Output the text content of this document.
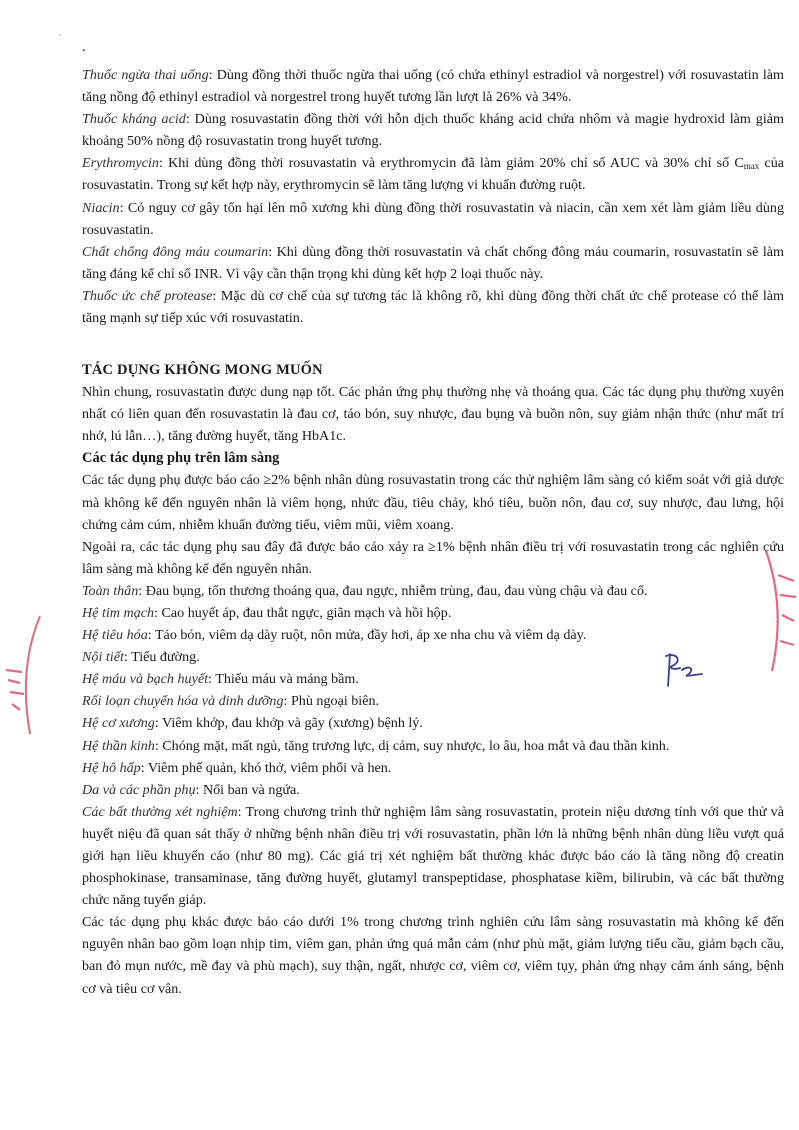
`
•

Thuốc ngừa thai uống: Dùng đồng thời thuốc ngừa thai uống (có chứa ethinyl estradiol và norgestrel) với rosuvastatin làm tăng nồng độ ethinyl estradiol và norgestrel trong huyết tương lần lượt là 26% và 34%.

Thuốc kháng acid: Dùng rosuvastatin đồng thời với hỗn dịch thuốc kháng acid chứa nhôm và magie hydroxid làm giảm khoảng 50% nồng độ rosuvastatin trong huyết tương.

Erythromycin: Khi dùng đồng thời rosuvastatin và erythromycin đã làm giảm 20% chỉ số AUC và 30% chỉ số $C_{max}$ của rosuvastatin. Trong sự kết hợp này, erythromycin sẽ làm tăng lượng vi khuẩn đường ruột.

Niacin: Có nguy cơ gây tổn hại lên mô xương khi dùng đồng thời rosuvastatin và niacin, cần xem xét làm giảm liều dùng rosuvastatin.

Chất chống đông máu coumarin: Khi dùng đồng thời rosuvastatin và chất chống đông máu coumarin, rosuvastatin sẽ làm tăng đáng kể chỉ số INR. Vì vậy cần thận trọng khi dùng kết hợp 2 loại thuốc này.

Thuốc ức chế protease: Mặc dù cơ chế của sự tương tác là không rõ, khi dùng đồng thời chất ức chế protease có thể làm tăng mạnh sự tiếp xúc với rosuvastatin.

TÁC DỤNG KHÔNG MONG MUỐN

Nhìn chung, rosuvastatin được dung nạp tốt. Các phản ứng phụ thường nhẹ và thoáng qua. Các tác dụng phụ thường xuyên nhất có liên quan đến rosuvastatin là đau cơ, táo bón, suy nhược, đau bụng và buồn nôn, suy giảm nhận thức (như mất trí nhớ, lú lẫn…), tăng đường huyết, tăng HbA1c.

Các tác dụng phụ trên lâm sàng

Các tác dụng phụ được báo cáo ≥2% bệnh nhân dùng rosuvastatin trong các thử nghiệm lâm sàng có kiểm soát với giả dược mà không kể đến nguyên nhân là viêm họng, nhức đầu, tiêu chảy, khó tiêu, buồn nôn, đau cơ, suy nhược, đau lưng, hội chứng cảm cúm, nhiễm khuẩn đường tiểu, viêm mũi, viêm xoang.

Ngoài ra, các tác dụng phụ sau đây đã được báo cáo xảy ra ≥1% bệnh nhân điều trị với rosuvastatin trong các nghiên cứu lâm sàng mà không kể đến nguyên nhân.

Toàn thân: Đau bụng, tổn thương thoáng qua, đau ngực, nhiễm trùng, đau, đau vùng chậu và đau cổ.

Hệ tim mạch: Cao huyết áp, đau thắt ngực, giãn mạch và hồi hộp.

Hệ tiêu hóa: Táo bón, viêm dạ dày ruột, nôn mửa, đầy hơi, áp xe nha chu và viêm dạ dày.

Nội tiết: Tiểu đường.

Hệ máu và bạch huyết: Thiếu máu và mảng bầm.

Rối loạn chuyển hóa và dinh dưỡng: Phù ngoại biên.

Hệ cơ xương: Viêm khớp, đau khớp và gãy (xương) bệnh lý.

Hệ thần kinh: Chóng mặt, mất ngủ, tăng trương lực, dị cảm, suy nhược, lo âu, hoa mắt và đau thần kinh.

Hệ hô hấp: Viêm phế quản, khó thở, viêm phổi và hen.

Da và các phần phụ: Nổi ban và ngứa.

Các bất thường xét nghiệm: Trong chương trình thử nghiệm lâm sàng rosuvastatin, protein niệu dương tính với que thử và huyết niệu đã quan sát thấy ở những bệnh nhân điều trị với rosuvastatin, phần lớn là những bệnh nhân dùng liều vượt quá giới hạn liều khuyến cáo (như 80 mg). Các giá trị xét nghiệm bất thường khác được báo cáo là tăng nồng độ creatin phosphokinase, transaminase, tăng đường huyết, glutamyl transpeptidase, phosphatase kiềm, bilirubin, và các bất thường chức năng tuyến giáp.

Các tác dụng phụ khác được báo cáo dưới 1% trong chương trình nghiên cứu lâm sàng rosuvastatin mà không kể đến nguyên nhân bao gồm loạn nhịp tim, viêm gan, phản ứng quá mẫn cảm (như phù mặt, giảm lượng tiểu cầu, giảm bạch cầu, ban đỏ mụn nước, mề đay và phù mạch), suy thận, ngất, nhược cơ, viêm cơ, viêm tụy, phản ứng nhạy cảm ánh sáng, bệnh cơ và tiêu cơ vân.
